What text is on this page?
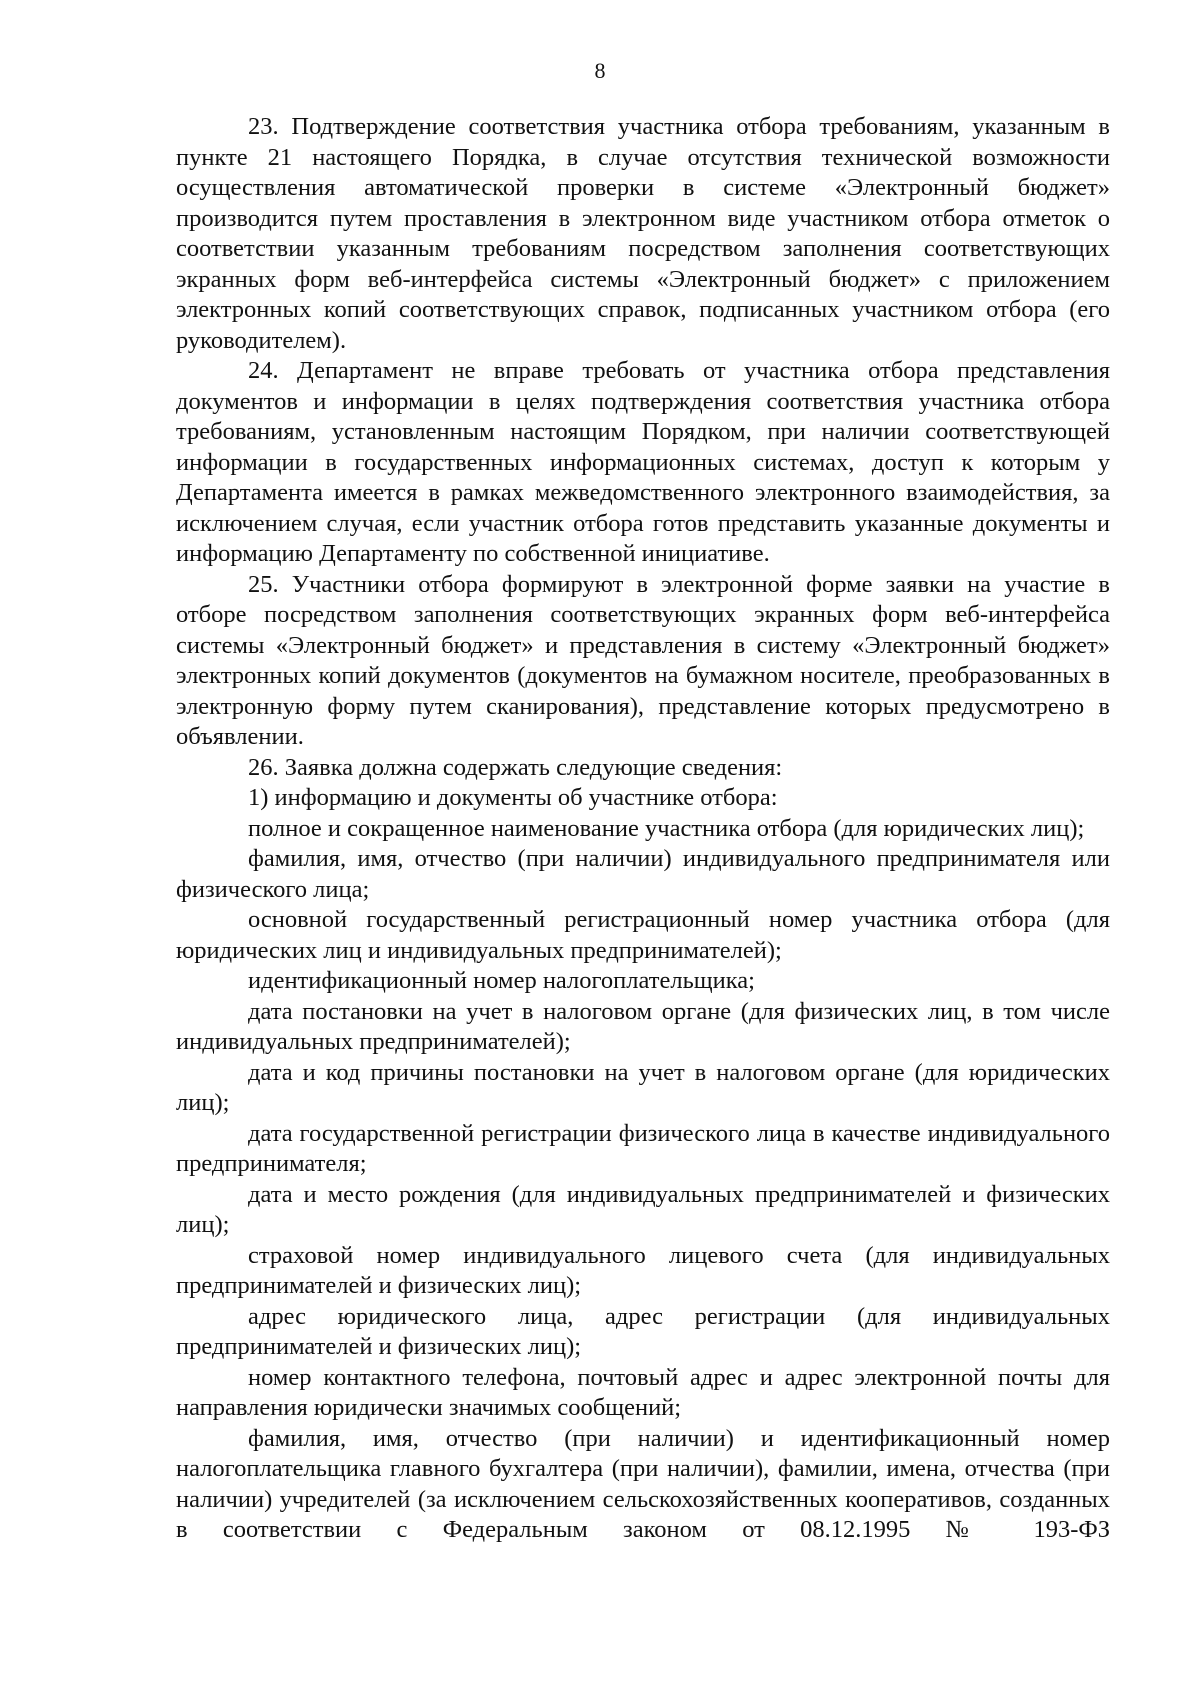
8

23. Подтверждение соответствия участника отбора требованиям, указанным в пункте 21 настоящего Порядка, в случае отсутствия технической возможности осуществления автоматической проверки в системе «Электронный бюджет» производится путем проставления в электронном виде участником отбора отметок о соответствии указанным требованиям посредством заполнения соответствующих экранных форм веб-интерфейса системы «Электронный бюджет» с приложением электронных копий соответствующих справок, подписанных участником отбора (его руководителем).

24. Департамент не вправе требовать от участника отбора представления документов и информации в целях подтверждения соответствия участника отбора требованиям, установленным настоящим Порядком, при наличии соответствующей информации в государственных информационных системах, доступ к которым у Департамента имеется в рамках межведомственного электронного взаимодействия, за исключением случая, если участник отбора готов представить указанные документы и информацию Департаменту по собственной инициативе.

25. Участники отбора формируют в электронной форме заявки на участие в отборе посредством заполнения соответствующих экранных форм веб-интерфейса системы «Электронный бюджет» и представления в систему «Электронный бюджет» электронных копий документов (документов на бумажном носителе, преобразованных в электронную форму путем сканирования), представление которых предусмотрено в объявлении.

26. Заявка должна содержать следующие сведения:

1) информацию и документы об участнике отбора:

полное и сокращенное наименование участника отбора (для юридических лиц);

фамилия, имя, отчество (при наличии) индивидуального предпринимателя или физического лица;

основной государственный регистрационный номер участника отбора (для юридических лиц и индивидуальных предпринимателей);

идентификационный номер налогоплательщика;

дата постановки на учет в налоговом органе (для физических лиц, в том числе индивидуальных предпринимателей);

дата и код причины постановки на учет в налоговом органе (для юридических лиц);

дата государственной регистрации физического лица в качестве индивидуального предпринимателя;

дата и место рождения (для индивидуальных предпринимателей и физических лиц);

страховой номер индивидуального лицевого счета (для индивидуальных предпринимателей и физических лиц);

адрес юридического лица, адрес регистрации (для индивидуальных предпринимателей и физических лиц);

номер контактного телефона, почтовый адрес и адрес электронной почты для направления юридически значимых сообщений;

фамилия, имя, отчество (при наличии) и идентификационный номер налогоплательщика главного бухгалтера (при наличии), фамилии, имена, отчества (при наличии) учредителей (за исключением сельскохозяйственных кооперативов, созданных в соответствии с Федеральным законом от 08.12.1995 № 193-ФЗ
